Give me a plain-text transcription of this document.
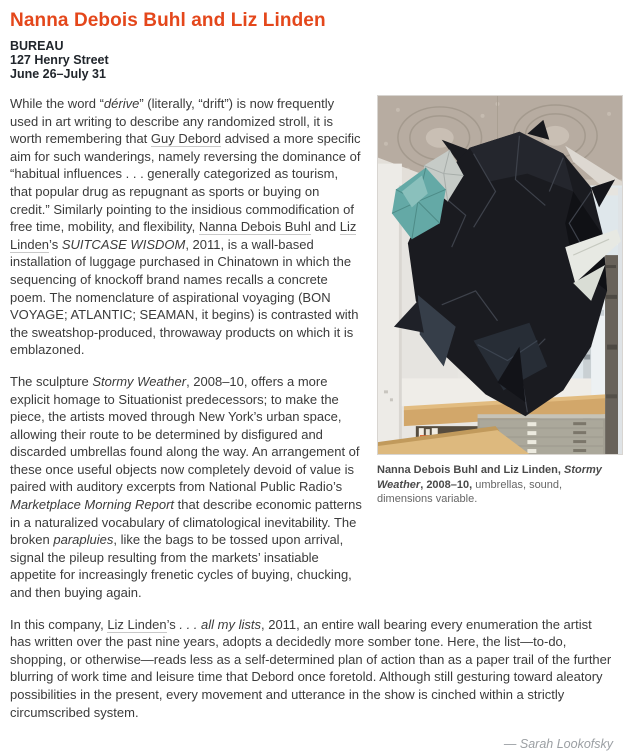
Nanna Debois Buhl and Liz Linden
BUREAU
127 Henry Street
June 26–July 31

While the word “dérive” (literally, “drift”) is now frequently used in art writing to describe any randomized stroll, it is worth remembering that Guy Debord advised a more specific aim for such wanderings, namely reversing the dominance of “habitual influences . . . generally categorized as tourism, that popular drug as repugnant as sports or buying on credit.” Similarly pointing to the insidious commodification of free time, mobility, and flexibility, Nanna Debois Buhl and Liz Linden’s SUITCASE WISDOM, 2011, is a wall-based installation of luggage purchased in Chinatown in which the sequencing of knockoff brand names recalls a concrete poem. The nomenclature of aspirational voyaging (BON VOYAGE; ATLANTIC; SEAMAN, it begins) is contrasted with the sweatshop-produced, throwaway products on which it is emblazoned.

The sculpture Stormy Weather, 2008–10, offers a more explicit homage to Situationist predecessors; to make the piece, the artists moved through New York’s urban space, allowing their route to be determined by disfigured and discarded umbrellas found along the way. An arrangement of these once useful objects now completely devoid of value is paired with auditory excerpts from National Public Radio’s Marketplace Morning Report that describe economic patterns in a naturalized vocabulary of climatological inevitability. The broken parapluies, like the bags to be tossed upon arrival, signal the pileup resulting from the markets’ insatiable appetite for increasingly frenetic cycles of buying, chucking, and then buying again.

Nanna Debois Buhl and Liz Linden, Stormy Weather, 2008–10, umbrellas, sound, dimensions variable.

In this company, Liz Linden’s . . . all my lists, 2011, an entire wall bearing every enumeration the artist has written over the past nine years, adopts a decidedly more somber tone. Here, the list—to-do, shopping, or otherwise—reads less as a self-determined plan of action than as a paper trail of the further blurring of work time and leisure time that Debord once foretold. Although still gesturing toward aleatory possibilities in the present, every movement and utterance in the show is cinched within a strictly circumscribed system.

— Sarah Lookofsky
